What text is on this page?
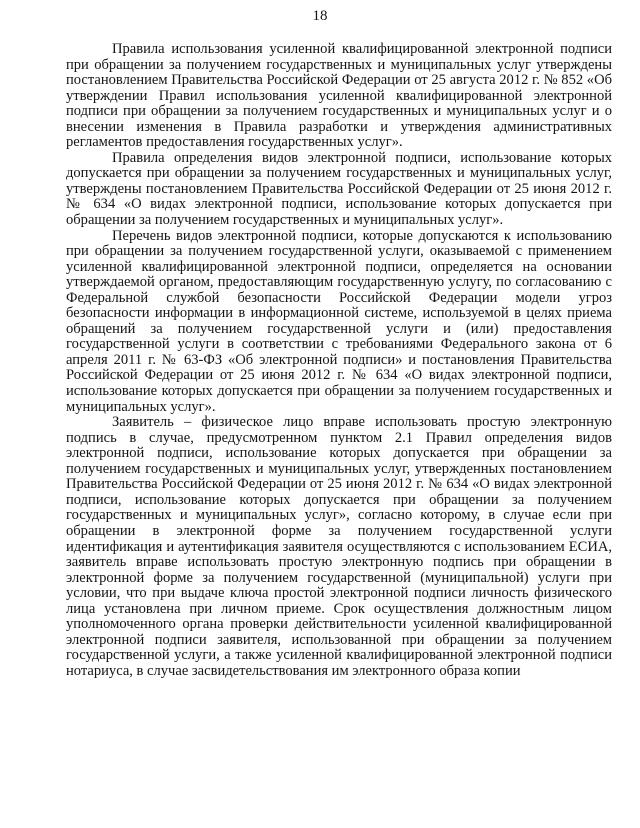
18

Правила использования усиленной квалифицированной электронной подписи при обращении за получением государственных и муниципальных услуг утверждены постановлением Правительства Российской Федерации от 25 августа 2012 г. № 852 «Об утверждении Правил использования усиленной квалифицированной электронной подписи при обращении за получением государственных и муниципальных услуг и о внесении изменения в Правила разработки и утверждения административных регламентов предоставления государственных услуг».

Правила определения видов электронной подписи, использование которых допускается при обращении за получением государственных и муниципальных услуг, утверждены постановлением Правительства Российской Федерации от 25 июня 2012 г. № 634 «О видах электронной подписи, использование которых допускается при обращении за получением государственных и муниципальных услуг».

Перечень видов электронной подписи, которые допускаются к использованию при обращении за получением государственной услуги, оказываемой с применением усиленной квалифицированной электронной подписи, определяется на основании утверждаемой органом, предоставляющим государственную услугу, по согласованию с Федеральной службой безопасности Российской Федерации модели угроз безопасности информации в информационной системе, используемой в целях приема обращений за получением государственной услуги и (или) предоставления государственной услуги в соответствии с требованиями Федерального закона от 6 апреля 2011 г. № 63-ФЗ «Об электронной подписи» и постановления Правительства Российской Федерации от 25 июня 2012 г. № 634 «О видах электронной подписи, использование которых допускается при обращении за получением государственных и муниципальных услуг».

Заявитель – физическое лицо вправе использовать простую электронную подпись в случае, предусмотренном пунктом 2.1 Правил определения видов электронной подписи, использование которых допускается при обращении за получением государственных и муниципальных услуг, утвержденных постановлением Правительства Российской Федерации от 25 июня 2012 г. № 634 «О видах электронной подписи, использование которых допускается при обращении за получением государственных и муниципальных услуг», согласно которому, в случае если при обращении в электронной форме за получением государственной услуги идентификация и аутентификация заявителя осуществляются с использованием ЕСИА, заявитель вправе использовать простую электронную подпись при обращении в электронной форме за получением государственной (муниципальной) услуги при условии, что при выдаче ключа простой электронной подписи личность физического лица установлена при личном приеме. Срок осуществления должностным лицом уполномоченного органа проверки действительности усиленной квалифицированной электронной подписи заявителя, использованной при обращении за получением государственной услуги, а также усиленной квалифицированной электронной подписи нотариуса, в случае засвидетельствования им электронного образа копии
